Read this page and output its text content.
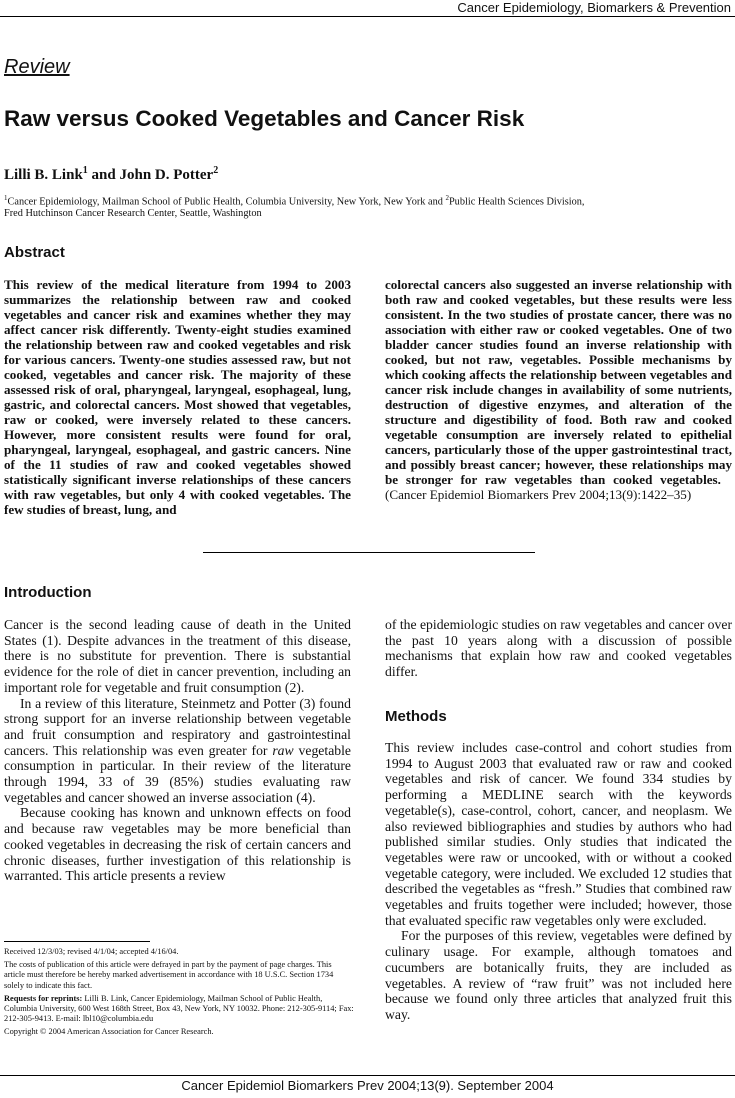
Cancer Epidemiology, Biomarkers & Prevention
Review
Raw versus Cooked Vegetables and Cancer Risk
Lilli B. Link$^1$ and John D. Potter$^2$
$^1$Cancer Epidemiology, Mailman School of Public Health, Columbia University, New York, New York and $^2$Public Health Sciences Division,
Fred Hutchinson Cancer Research Center, Seattle, Washington
Abstract

This review of the medical literature from 1994 to 2003 summarizes the relationship between raw and cooked vegetables and cancer risk and examines whether they may affect cancer risk differently. Twenty-eight studies examined the relationship between raw and cooked vegetables and risk for various cancers. Twenty-one studies assessed raw, but not cooked, vegetables and cancer risk. The majority of these assessed risk of oral, pharyngeal, laryngeal, esophageal, lung, gastric, and colorectal cancers. Most showed that vegetables, raw or cooked, were inversely related to these cancers. However, more consistent results were found for oral, pharyngeal, laryngeal, esophageal, and gastric cancers. Nine of the 11 studies of raw and cooked vegetables showed statistically significant inverse relationships of these cancers with raw vegetables, but only 4 with cooked vegetables. The few studies of breast, lung, and

colorectal cancers also suggested an inverse relationship with both raw and cooked vegetables, but these results were less consistent. In the two studies of prostate cancer, there was no association with either raw or cooked vegetables. One of two bladder cancer studies found an inverse relationship with cooked, but not raw, vegetables. Possible mechanisms by which cooking affects the relationship between vegetables and cancer risk include changes in availability of some nutrients, destruction of digestive enzymes, and alteration of the structure and digestibility of food. Both raw and cooked vegetable consumption are inversely related to epithelial cancers, particularly those of the upper gastrointestinal tract, and possibly breast cancer; however, these relationships may be stronger for raw vegetables than cooked vegetables.   (Cancer Epidemiol Biomarkers Prev 2004;13(9):1422–35)

Introduction

Cancer is the second leading cause of death in the United States (1). Despite advances in the treatment of this disease, there is no substitute for prevention. There is substantial evidence for the role of diet in cancer prevention, including an important role for vegetable and fruit consumption (2).

In a review of this literature, Steinmetz and Potter (3) found strong support for an inverse relationship between vegetable and fruit consumption and respiratory and gastrointestinal cancers. This relationship was even greater for raw vegetable consumption in particular. In their review of the literature through 1994, 33 of 39 (85%) studies evaluating raw vegetables and cancer showed an inverse association (4).

Because cooking has known and unknown effects on food and because raw vegetables may be more beneficial than cooked vegetables in decreasing the risk of certain cancers and chronic diseases, further investigation of this relationship is warranted. This article presents a review

of the epidemiologic studies on raw vegetables and cancer over the past 10 years along with a discussion of possible mechanisms that explain how raw and cooked vegetables differ.

Methods

This review includes case-control and cohort studies from 1994 to August 2003 that evaluated raw or raw and cooked vegetables and risk of cancer. We found 334 studies by performing a MEDLINE search with the keywords vegetable(s), case-control, cohort, cancer, and neoplasm. We also reviewed bibliographies and studies by authors who had published similar studies. Only studies that indicated the vegetables were raw or uncooked, with or without a cooked vegetable category, were included. We excluded 12 studies that described the vegetables as “fresh.” Studies that combined raw vegetables and fruits together were included; however, those that evaluated specific raw vegetables only were excluded.

For the purposes of this review, vegetables were defined by culinary usage. For example, although tomatoes and cucumbers are botanically fruits, they are included as vegetables. A review of “raw fruit” was not included here because we found only three articles that analyzed fruit this way.

Received 12/3/03; revised 4/1/04; accepted 4/16/04.

The costs of publication of this article were defrayed in part by the payment of page charges. This article must therefore be hereby marked advertisement in accordance with 18 U.S.C. Section 1734 solely to indicate this fact.

Requests for reprints: Lilli B. Link, Cancer Epidemiology, Mailman School of Public Health, Columbia University, 600 West 168th Street, Box 43, New York, NY 10032. Phone: 212-305-9114; Fax: 212-305-9413. E-mail: lbl10@columbia.edu

Copyright © 2004 American Association for Cancer Research.

Cancer Epidemiol Biomarkers Prev 2004;13(9). September 2004
